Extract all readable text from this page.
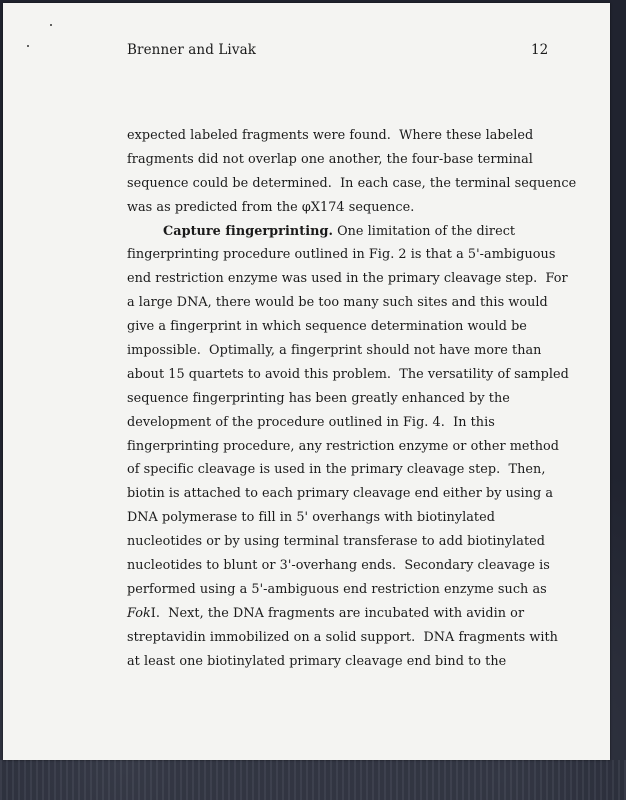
Brenner and Livak	12
expected labeled fragments were found.  Where these labeled
fragments did not overlap one another, the four-base terminal
sequence could be determined.  In each case, the terminal sequence
was as predicted from the φX174 sequence.
Capture fingerprinting. One limitation of the direct
fingerprinting procedure outlined in Fig. 2 is that a 5'-ambiguous
end restriction enzyme was used in the primary cleavage step.  For
a large DNA, there would be too many such sites and this would
give a fingerprint in which sequence determination would be
impossible.  Optimally, a fingerprint should not have more than
about 15 quartets to avoid this problem.  The versatility of sampled
sequence fingerprinting has been greatly enhanced by the
development of the procedure outlined in Fig. 4.  In this
fingerprinting procedure, any restriction enzyme or other method
of specific cleavage is used in the primary cleavage step.  Then,
biotin is attached to each primary cleavage end either by using a
DNA polymerase to fill in 5' overhangs with biotinylated
nucleotides or by using terminal transferase to add biotinylated
nucleotides to blunt or 3'-overhang ends.  Secondary cleavage is
performed using a 5'-ambiguous end restriction enzyme such as
FokI.  Next, the DNA fragments are incubated with avidin or
streptavidin immobilized on a solid support.  DNA fragments with
at least one biotinylated primary cleavage end bind to the
